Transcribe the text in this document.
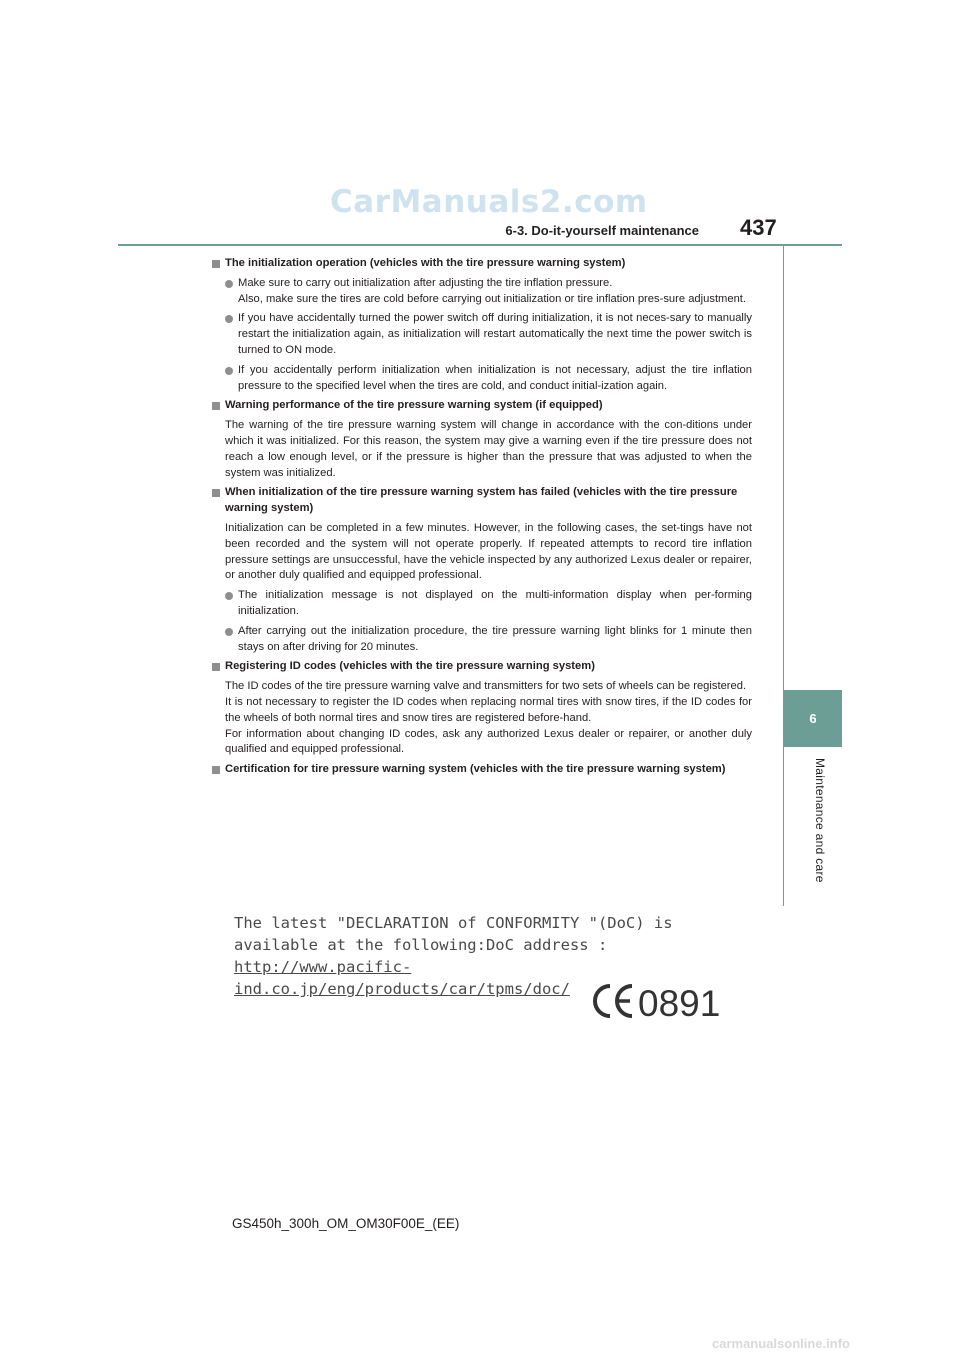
CarManuals2.com
6-3. Do-it-yourself maintenance 437
6
Maintenance and care
The initialization operation (vehicles with the tire pressure warning system)
Make sure to carry out initialization after adjusting the tire inflation pressure.
Also, make sure the tires are cold before carrying out initialization or tire inflation pres-sure adjustment.
If you have accidentally turned the power switch off during initialization, it is not neces-sary to manually restart the initialization again, as initialization will restart automatically the next time the power switch is turned to ON mode.
If you accidentally perform initialization when initialization is not necessary, adjust the tire inflation pressure to the specified level when the tires are cold, and conduct initial-ization again.
Warning performance of the tire pressure warning system (if equipped)
The warning of the tire pressure warning system will change in accordance with the con-ditions under which it was initialized. For this reason, the system may give a warning even if the tire pressure does not reach a low enough level, or if the pressure is higher than the pressure that was adjusted to when the system was initialized.
When initialization of the tire pressure warning system has failed (vehicles with the tire pressure warning system)
Initialization can be completed in a few minutes. However, in the following cases, the set-tings have not been recorded and the system will not operate properly. If repeated attempts to record tire inflation pressure settings are unsuccessful, have the vehicle inspected by any authorized Lexus dealer or repairer, or another duly qualified and equipped professional.
The initialization message is not displayed on the multi-information display when per-forming initialization.
After carrying out the initialization procedure, the tire pressure warning light blinks for 1 minute then stays on after driving for 20 minutes.
Registering ID codes (vehicles with the tire pressure warning system)
The ID codes of the tire pressure warning valve and transmitters for two sets of wheels can be registered.
It is not necessary to register the ID codes when replacing normal tires with snow tires, if the ID codes for the wheels of both normal tires and snow tires are registered before-hand.
For information about changing ID codes, ask any authorized Lexus dealer or repairer, or another duly qualified and equipped professional.
Certification for tire pressure warning system (vehicles with the tire pressure warning system)
The latest "DECLARATION of CONFORMITY "(DoC) is
available at the following:DoC address :
http://www.pacific-ind.co.jp/eng/products/car/tpms/doc/	0891
GS450h_300h_OM_OM30F00E_(EE)
carmanualsonline.info
